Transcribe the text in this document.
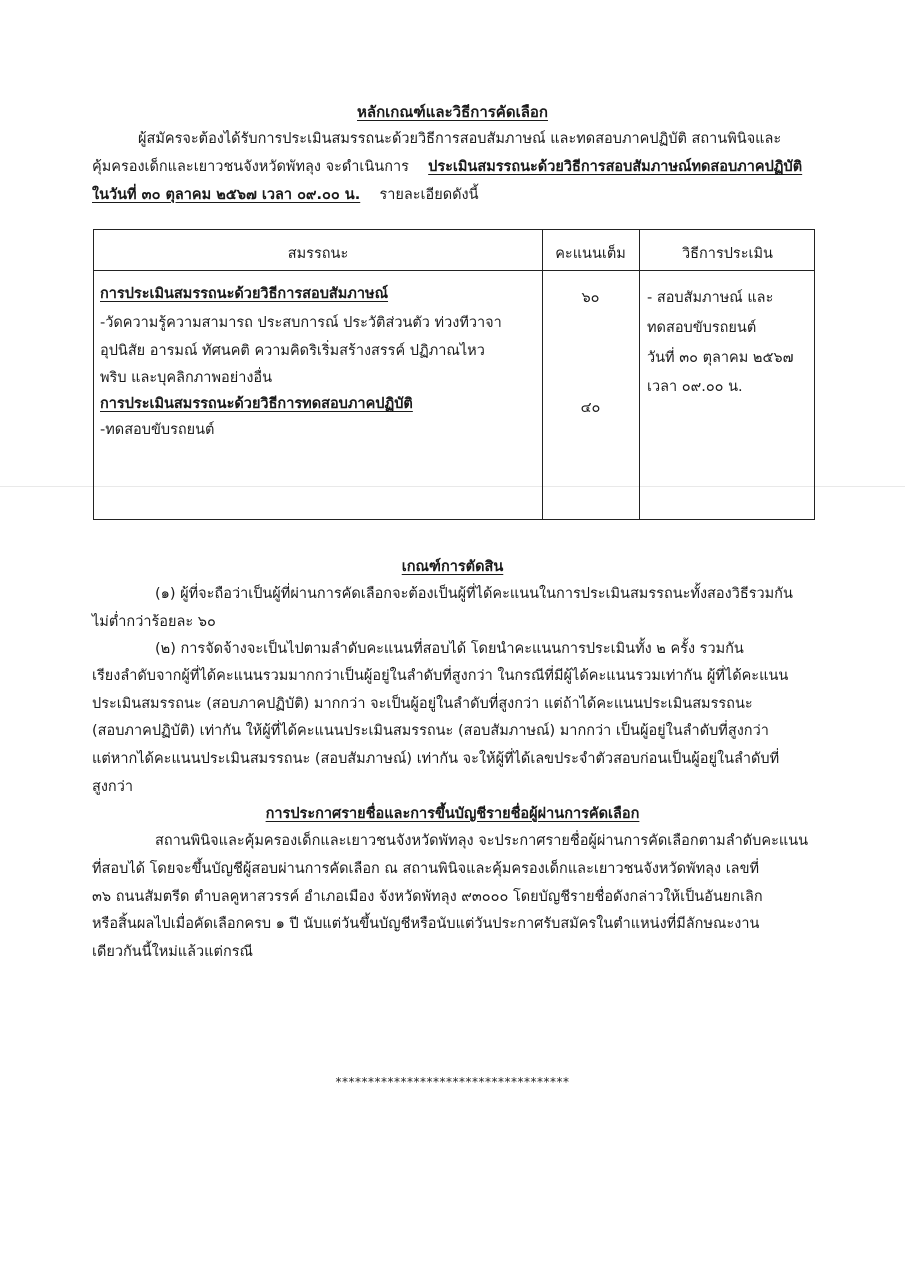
หลักเกณฑ์และวิธีการคัดเลือก
ผู้สมัครจะต้องได้รับการประเมินสมรรถนะด้วยวิธีการสอบสัมภาษณ์ และทดสอบภาคปฏิบัติ สถานพินิจและ
คุ้มครองเด็กและเยาวชนจังหวัดพัทลุง จะดำเนินการ ประเมินสมรรถนะด้วยวิธีการสอบสัมภาษณ์ทดสอบภาคปฏิบัติ
ในวันที่ ๓๐ ตุลาคม ๒๕๖๗ เวลา ๐๙.๐๐ น. รายละเอียดดังนี้
สมรรถนะ	คะแนนเต็ม	วิธีการประเมิน
การประเมินสมรรถนะด้วยวิธีการสอบสัมภาษณ์
-วัดความรู้ความสามารถ ประสบการณ์ ประวัติส่วนตัว ท่วงทีวาจา
อุปนิสัย อารมณ์ ทัศนคติ ความคิดริเริ่มสร้างสรรค์ ปฏิภาณไหว
พริบ และบุคลิกภาพอย่างอื่น
๖๐
การประเมินสมรรถนะด้วยวิธีการทดสอบภาคปฏิบัติ
-ทดสอบขับรถยนต์
๔๐
- สอบสัมภาษณ์ และ
ทดสอบขับรถยนต์
วันที่ ๓๐ ตุลาคม ๒๕๖๗
เวลา ๐๙.๐๐ น.
เกณฑ์การตัดสิน
(๑) ผู้ที่จะถือว่าเป็นผู้ที่ผ่านการคัดเลือกจะต้องเป็นผู้ที่ได้คะแนนในการประเมินสมรรถนะทั้งสองวิธีรวมกัน
ไม่ต่ำกว่าร้อยละ ๖๐
(๒) การจัดจ้างจะเป็นไปตามลำดับคะแนนที่สอบได้ โดยนำคะแนนการประเมินทั้ง ๒ ครั้ง รวมกัน
เรียงลำดับจากผู้ที่ได้คะแนนรวมมากกว่าเป็นผู้อยู่ในลำดับที่สูงกว่า ในกรณีที่มีผู้ได้คะแนนรวมเท่ากัน ผู้ที่ได้คะแนน
ประเมินสมรรถนะ (สอบภาคปฏิบัติ) มากกว่า จะเป็นผู้อยู่ในลำดับที่สูงกว่า แต่ถ้าได้คะแนนประเมินสมรรถนะ
(สอบภาคปฏิบัติ) เท่ากัน ให้ผู้ที่ได้คะแนนประเมินสมรรถนะ (สอบสัมภาษณ์) มากกว่า เป็นผู้อยู่ในลำดับที่สูงกว่า
แต่หากได้คะแนนประเมินสมรรถนะ (สอบสัมภาษณ์) เท่ากัน จะให้ผู้ที่ได้เลขประจำตัวสอบก่อนเป็นผู้อยู่ในลำดับที่
สูงกว่า
การประกาศรายชื่อและการขึ้นบัญชีรายชื่อผู้ผ่านการคัดเลือก
สถานพินิจและคุ้มครองเด็กและเยาวชนจังหวัดพัทลุง จะประกาศรายชื่อผู้ผ่านการคัดเลือกตามลำดับคะแนน
ที่สอบได้ โดยจะขึ้นบัญชีผู้สอบผ่านการคัดเลือก ณ สถานพินิจและคุ้มครองเด็กและเยาวชนจังหวัดพัทลุง เลขที่
๓๖ ถนนสัมตรีด ตำบลคูหาสวรรค์ อำเภอเมือง จังหวัดพัทลุง ๙๓๐๐๐ โดยบัญชีรายชื่อดังกล่าวให้เป็นอันยกเลิก
หรือสิ้นผลไปเมื่อคัดเลือกครบ ๑ ปี นับแต่วันขึ้นบัญชีหรือนับแต่วันประกาศรับสมัครในตำแหน่งที่มีลักษณะงาน
เดียวกันนี้ใหม่แล้วแต่กรณี
************************************
